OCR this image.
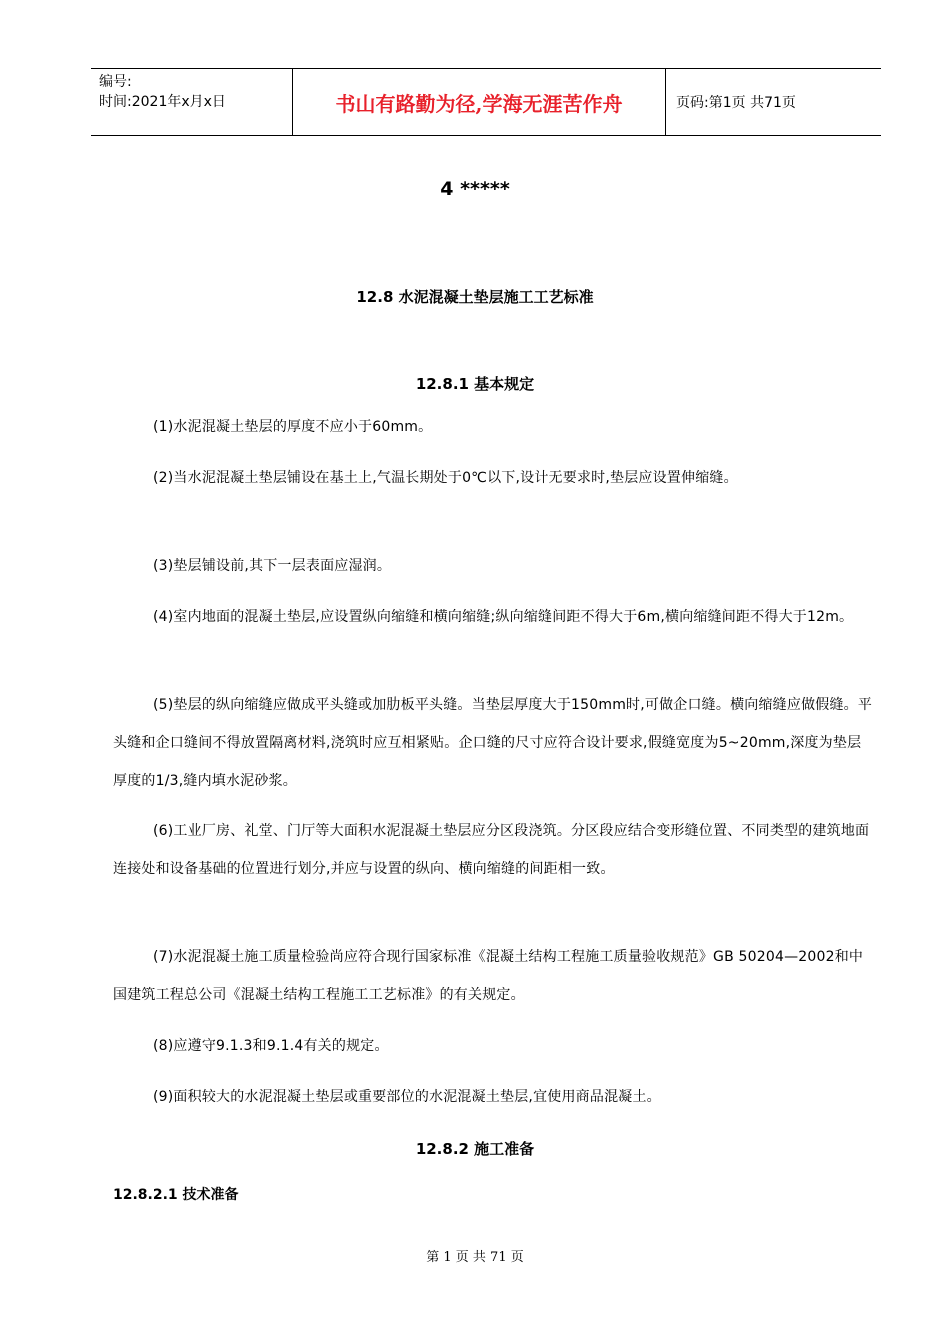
编号:
时间:2021年x月x日	书山有路勤为径,学海无涯苦作舟	页码:第1页 共71页
4 *****
12.8 水泥混凝土垫层施工工艺标准
12.8.1 基本规定
(1)水泥混凝土垫层的厚度不应小于60mm。
(2)当水泥混凝土垫层铺设在基土上,气温长期处于0℃以下,设计无要求时,垫层应设置伸缩缝。
(3)垫层铺设前,其下一层表面应湿润。
(4)室内地面的混凝土垫层,应设置纵向缩缝和横向缩缝;纵向缩缝间距不得大于6m,横向缩缝间距不得大于12m。
(5)垫层的纵向缩缝应做成平头缝或加肋板平头缝。当垫层厚度大于150mm时,可做企口缝。横向缩缝应做假缝。平头缝和企口缝间不得放置隔离材料,浇筑时应互相紧贴。企口缝的尺寸应符合设计要求,假缝宽度为5~20mm,深度为垫层厚度的1/3,缝内填水泥砂浆。
(6)工业厂房、礼堂、门厅等大面积水泥混凝土垫层应分区段浇筑。分区段应结合变形缝位置、不同类型的建筑地面连接处和设备基础的位置进行划分,并应与设置的纵向、横向缩缝的间距相一致。
(7)水泥混凝土施工质量检验尚应符合现行国家标准《混凝土结构工程施工质量验收规范》GB 50204—2002和中国建筑工程总公司《混凝土结构工程施工工艺标准》的有关规定。
(8)应遵守9.1.3和9.1.4有关的规定。
(9)面积较大的水泥混凝土垫层或重要部位的水泥混凝土垫层,宜使用商品混凝土。
12.8.2 施工准备
12.8.2.1 技术准备
第 1 页 共 71 页
